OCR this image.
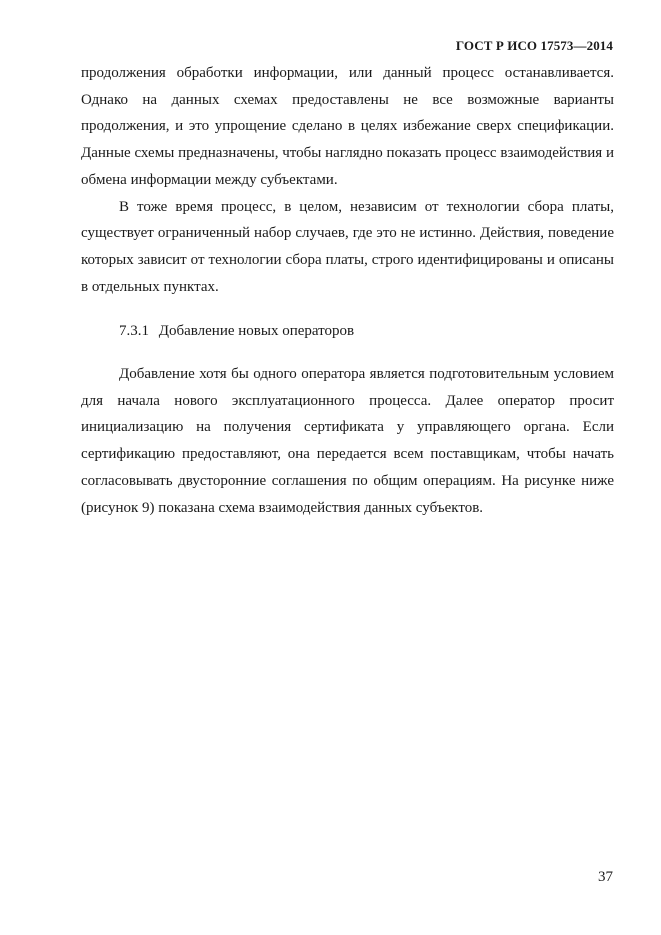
ГОСТ Р ИСО 17573—2014

продолжения обработки информации, или данный процесс останавливается. Однако на данных схемах предоставлены не все возможные варианты продолжения, и это упрощение сделано в целях избежание сверх спецификации. Данные схемы предназначены, чтобы наглядно показать процесс взаимодействия и обмена информации между субъектами.

В тоже время процесс, в целом, независим от технологии сбора платы, существует ограниченный набор случаев, где это не истинно. Действия, поведение которых зависит от технологии сбора платы, строго идентифицированы и описаны в отдельных пунктах.

7.3.1 Добавление новых операторов

Добавление хотя бы одного оператора является подготовительным условием для начала нового эксплуатационного процесса. Далее оператор просит инициализацию на получения сертификата у управляющего органа. Если сертификацию предоставляют, она передается всем поставщикам, чтобы начать согласовывать двусторонние соглашения по общим операциям. На рисунке ниже (рисунок 9) показана схема взаимодействия данных субъектов.

37
